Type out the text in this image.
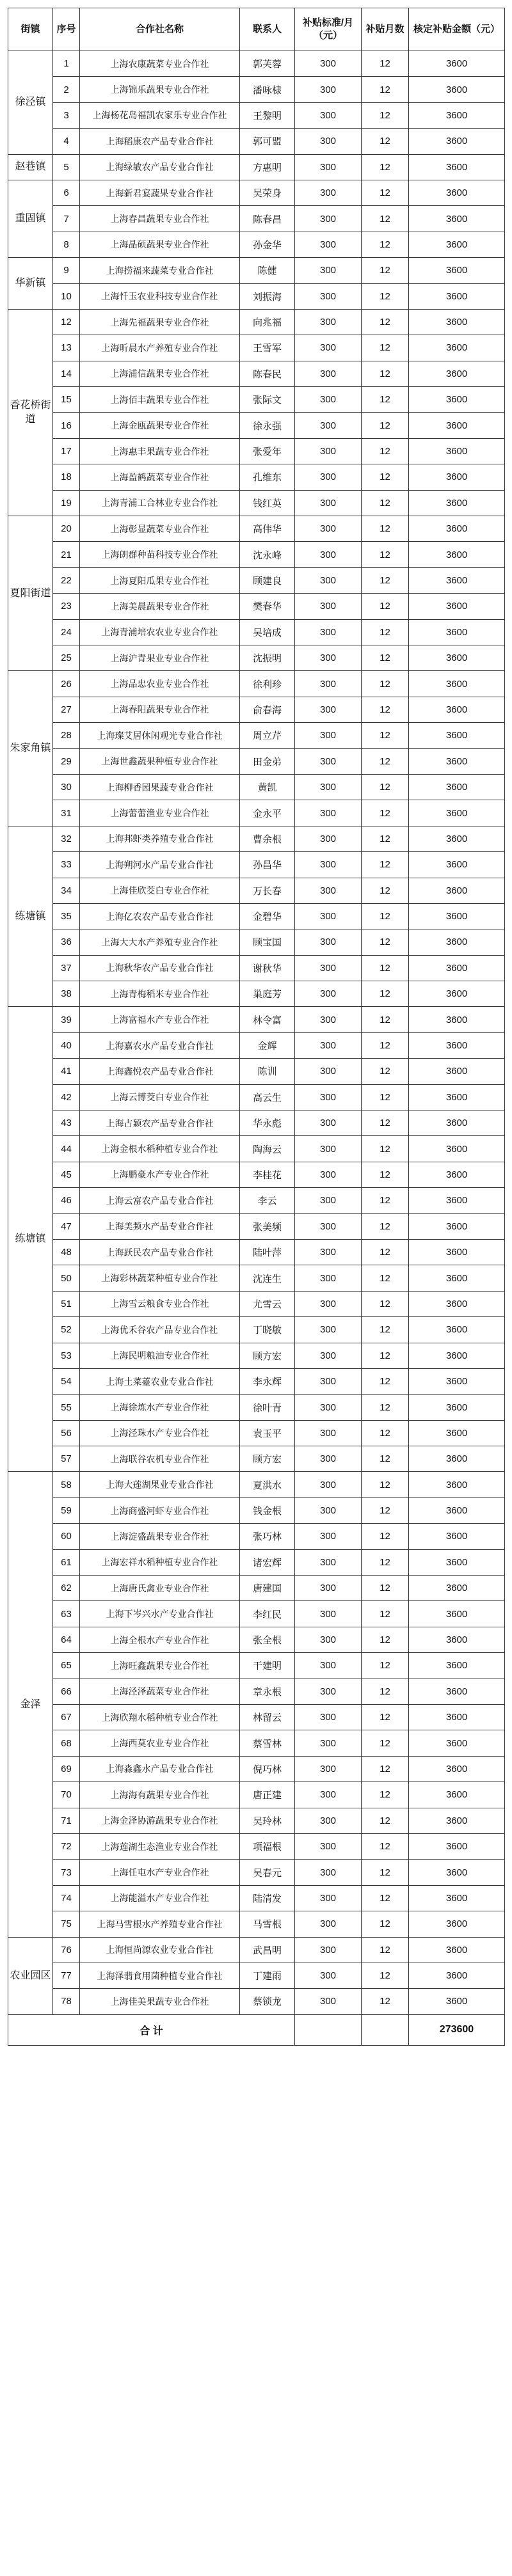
街镇	序号	合作社名称	联系人	补贴标准/月（元）	补贴月数	核定补贴金额（元）
徐泾镇	1	上海农康蔬菜专业合作社	郭芙蓉	300	12	3600
	2	上海锦乐蔬果专业合作社	潘咏棣	300	12	3600
	3	上海杨花岛福凯农家乐专业合作社	王黎明	300	12	3600
	4	上海稻康农产品专业合作社	郭可盟	300	12	3600
赵巷镇	5	上海绿敏农产品专业合作社	方惠明	300	12	3600
重固镇	6	上海新君宴蔬果专业合作社	吴荣身	300	12	3600
	7	上海春昌蔬果专业合作社	陈春昌	300	12	3600
	8	上海晶硕蔬果专业合作社	孙金华	300	12	3600
华新镇	9	上海捞福来蔬菜专业合作社	陈健	300	12	3600
	10	上海忏玉农业科技专业合作社	刘振海	300	12	3600
香花桥街道	12	上海先福蔬果专业合作社	向兆福	300	12	3600
	13	上海昕晨水产养殖专业合作社	王雪军	300	12	3600
	14	上海浦信蔬果专业合作社	陈春民	300	12	3600
	15	上海佰丰蔬果专业合作社	张际文	300	12	3600
	16	上海金瓯蔬果专业合作社	徐永强	300	12	3600
	17	上海惠丰果蔬专业合作社	张爱年	300	12	3600
	18	上海盈鹤蔬菜专业合作社	孔维东	300	12	3600
	19	上海青浦工合林业专业合作社	钱红英	300	12	3600
夏阳街道	20	上海彰显蔬菜专业合作社	高伟华	300	12	3600
	21	上海朗群种苗科技专业合作社	沈永峰	300	12	3600
	22	上海夏阳瓜果专业合作社	顾建良	300	12	3600
	23	上海美晨蔬果专业合作社	樊春华	300	12	3600
	24	上海青浦培农农业专业合作社	吴培成	300	12	3600
	25	上海沪青果业专业合作社	沈振明	300	12	3600
朱家角镇	26	上海品忠农业专业合作社	徐利珍	300	12	3600
	27	上海春阳蔬果专业合作社	俞春海	300	12	3600
	28	上海璨艾居休闲观光专业合作社	周立芹	300	12	3600
	29	上海世鑫蔬果种植专业合作社	田金弟	300	12	3600
	30	上海柳香园果蔬专业合作社	黄凯	300	12	3600
	31	上海蕾蕾渔业专业合作社	金永平	300	12	3600
练塘镇	32	上海邦虾类养殖专业合作社	曹余根	300	12	3600
	33	上海朔河水产品专业合作社	孙昌华	300	12	3600
	34	上海佳欣茭白专业合作社	万长春	300	12	3600
	35	上海亿农农产品专业合作社	金碧华	300	12	3600
	36	上海大大水产养殖专业合作社	顾宝国	300	12	3600
	37	上海秋华农产品专业合作社	谢秋华	300	12	3600
	38	上海青梅稻米专业合作社	巢庭芳	300	12	3600
练塘镇	39	上海富福水产专业合作社	林令富	300	12	3600
	40	上海嘉农水产品专业合作社	金辉	300	12	3600
	41	上海鑫悦农产品专业合作社	陈训	300	12	3600
	42	上海云博茭白专业合作社	高云生	300	12	3600
	43	上海占颖农产品专业合作社	华永彪	300	12	3600
	44	上海金根水稻种植专业合作社	陶海云	300	12	3600
	45	上海鹏豪水产专业合作社	李桂花	300	12	3600
	46	上海云富农产品专业合作社	李云	300	12	3600
	47	上海美频水产品专业合作社	张美频	300	12	3600
	48	上海跃民农产品专业合作社	陆叶萍	300	12	3600
	50	上海彩林蔬菜种植专业合作社	沈连生	300	12	3600
	51	上海雪云粮食专业合作社	尤雪云	300	12	3600
	52	上海优禾谷农产品专业合作社	丁晓敏	300	12	3600
	53	上海民明粮油专业合作社	顾方宏	300	12	3600
	54	上海土菜薹农业专业合作社	李永辉	300	12	3600
	55	上海徐炼水产专业合作社	徐叶青	300	12	3600
	56	上海泾珠水产专业合作社	袁玉平	300	12	3600
	57	上海联谷农机专业合作社	顾方宏	300	12	3600
金泽	58	上海大莲湖果业专业合作社	夏洪水	300	12	3600
	59	上海商盛河虾专业合作社	钱金根	300	12	3600
	60	上海淀盛蔬果专业合作社	张巧林	300	12	3600
	61	上海宏祥水稻种植专业合作社	诸宏辉	300	12	3600
	62	上海唐氏禽业专业合作社	唐建国	300	12	3600
	63	上海下岑兴水产专业合作社	李红民	300	12	3600
	64	上海全根水产专业合作社	张全根	300	12	3600
	65	上海旺鑫蔬果专业合作社	干建明	300	12	3600
	66	上海泾泽蔬菜专业合作社	章永根	300	12	3600
	67	上海欣翔水稻种植专业合作社	林留云	300	12	3600
	68	上海西莫农业专业合作社	蔡雪林	300	12	3600
	69	上海淼鑫水产品专业合作社	倪巧林	300	12	3600
	70	上海海有蔬果专业合作社	唐正建	300	12	3600
	71	上海金泽协游蔬果专业合作社	吴玲林	300	12	3600
	72	上海莲湖生态渔业专业合作社	项福根	300	12	3600
	73	上海任屯水产专业合作社	吴春元	300	12	3600
	74	上海能溢水产专业合作社	陆清发	300	12	3600
	75	上海马雪根水产养殖专业合作社	马雪根	300	12	3600
农业园区	76	上海恒尚源农业专业合作社	武昌明	300	12	3600
	77	上海泽翡食用菌种植专业合作社	丁建雨	300	12	3600
	78	上海佳美果蔬专业合作社	蔡锁龙	300	12	3600
合 计						273600
